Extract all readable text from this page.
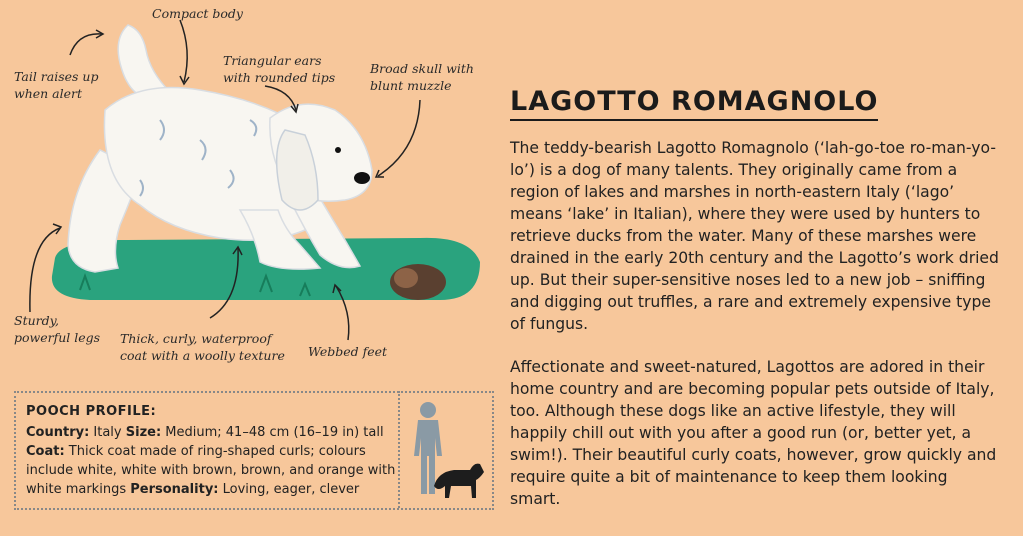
Compact body
Tail raises up
when alert
Triangular ears
with rounded tips
Broad skull with
blunt muzzle
Sturdy,
powerful legs Thick, curly, waterproof
coat with a woolly texture Webbed feet
LAGOTTO ROMAGNOLO
The teddy-bearish Lagotto Romagnolo (‘lah-go-toe ro-man-yo-lo’) is a dog of many talents. They originally came from a region of lakes and marshes in north-eastern Italy (‘lago’ means ‘lake’ in Italian), where they were used by hunters to retrieve ducks from the water. Many of these marshes were drained in the early 20th century and the Lagotto’s work dried up. But their super-sensitive noses led to a new job – sniffing and digging out truffles, a rare and extremely expensive type of fungus.
Affectionate and sweet-natured, Lagottos are adored in their home country and are becoming popular pets outside of Italy, too. Although these dogs like an active lifestyle, they will happily chill out with you after a good run (or, better yet, a swim!). Their beautiful curly coats, however, grow quickly and require quite a bit of maintenance to keep them looking smart.
POOCH PROFILE:
Country: Italy Size: Medium; 41–48 cm (16–19 in) tall
Coat: Thick coat made of ring-shaped curls; colours include white, white with brown, brown, and orange with white markings Personality: Loving, eager, clever
